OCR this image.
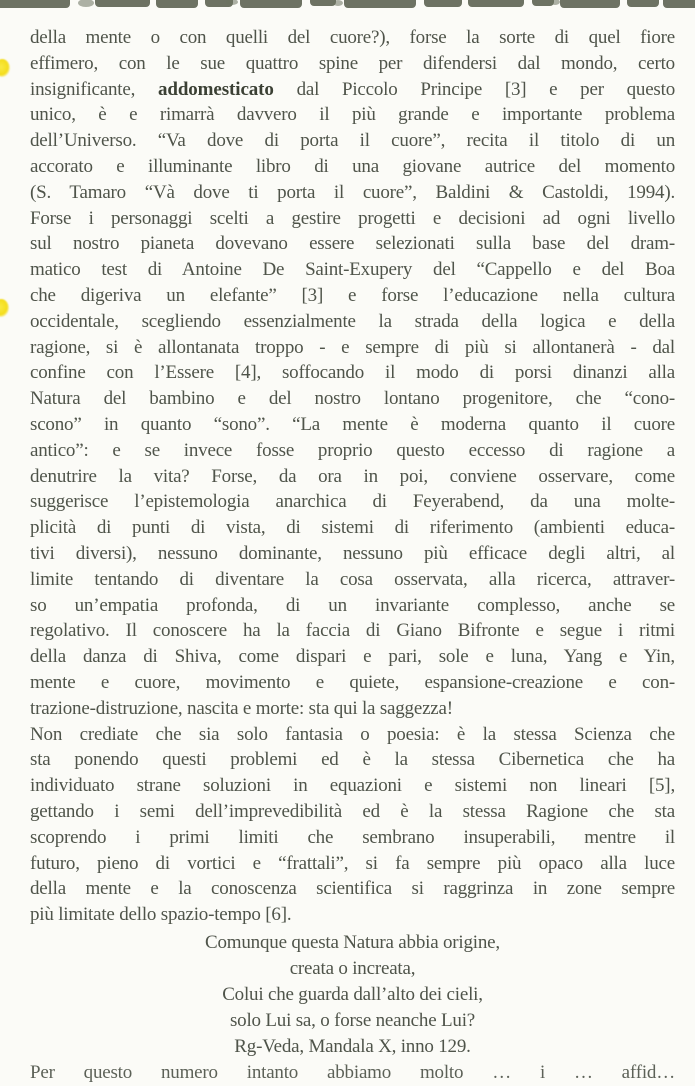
della mente o con quelli del cuore?), forse la sorte di quel fiore
effimero, con le sue quattro spine per difendersi dal mondo, certo
insignificante, addomesticato dal Piccolo Principe [3] e per questo
unico, è e rimarrà davvero il più grande e importante problema
dell’Universo. “Va dove di porta il cuore”, recita il titolo di un
accorato e illuminante libro di una giovane autrice del momento
(S. Tamaro “Và dove ti porta il cuore”, Baldini & Castoldi, 1994).
Forse i personaggi scelti a gestire progetti e decisioni ad ogni livello
sul nostro pianeta dovevano essere selezionati sulla base del dram-
matico test di Antoine De Saint-Exupery del “Cappello e del Boa
che digeriva un elefante” [3] e forse l’educazione nella cultura
occidentale, scegliendo essenzialmente la strada della logica e della
ragione, si è allontanata troppo - e sempre di più si allontanerà - dal
confine con l’Essere [4], soffocando il modo di porsi dinanzi alla
Natura del bambino e del nostro lontano progenitore, che “cono-
scono” in quanto “sono”. “La mente è moderna quanto il cuore
antico”: e se invece fosse proprio questo eccesso di ragione a
denutrire la vita? Forse, da ora in poi, conviene osservare, come
suggerisce l’epistemologia anarchica di Feyerabend, da una molte-
plicità di punti di vista, di sistemi di riferimento (ambienti educa-
tivi diversi), nessuno dominante, nessuno più efficace degli altri, al
limite tentando di diventare la cosa osservata, alla ricerca, attraver-
so un’empatia profonda, di un invariante complesso, anche se
regolativo. Il conoscere ha la faccia di Giano Bifronte e segue i ritmi
della danza di Shiva, come dispari e pari, sole e luna, Yang e Yin,
mente e cuore, movimento e quiete, espansione-creazione e con-
trazione-distruzione, nascita e morte: sta qui la saggezza!
Non crediate che sia solo fantasia o poesia: è la stessa Scienza che
sta ponendo questi problemi ed è la stessa Cibernetica che ha
individuato strane soluzioni in equazioni e sistemi non lineari [5],
gettando i semi dell’imprevedibilità ed è la stessa Ragione che sta
scoprendo i primi limiti che sembrano insuperabili, mentre il
futuro, pieno di vortici e “frattali”, si fa sempre più opaco alla luce
della mente e la conoscenza scientifica si raggrinza in zone sempre
più limitate dello spazio-tempo [6].
Comunque questa Natura abbia origine,
creata o increata,
Colui che guarda dall’alto dei cieli,
solo Lui sa, o forse neanche Lui?
Rg-Veda, Mandala X, inno 129.
Per questo numero intanto abbiamo molto … i … affid…
